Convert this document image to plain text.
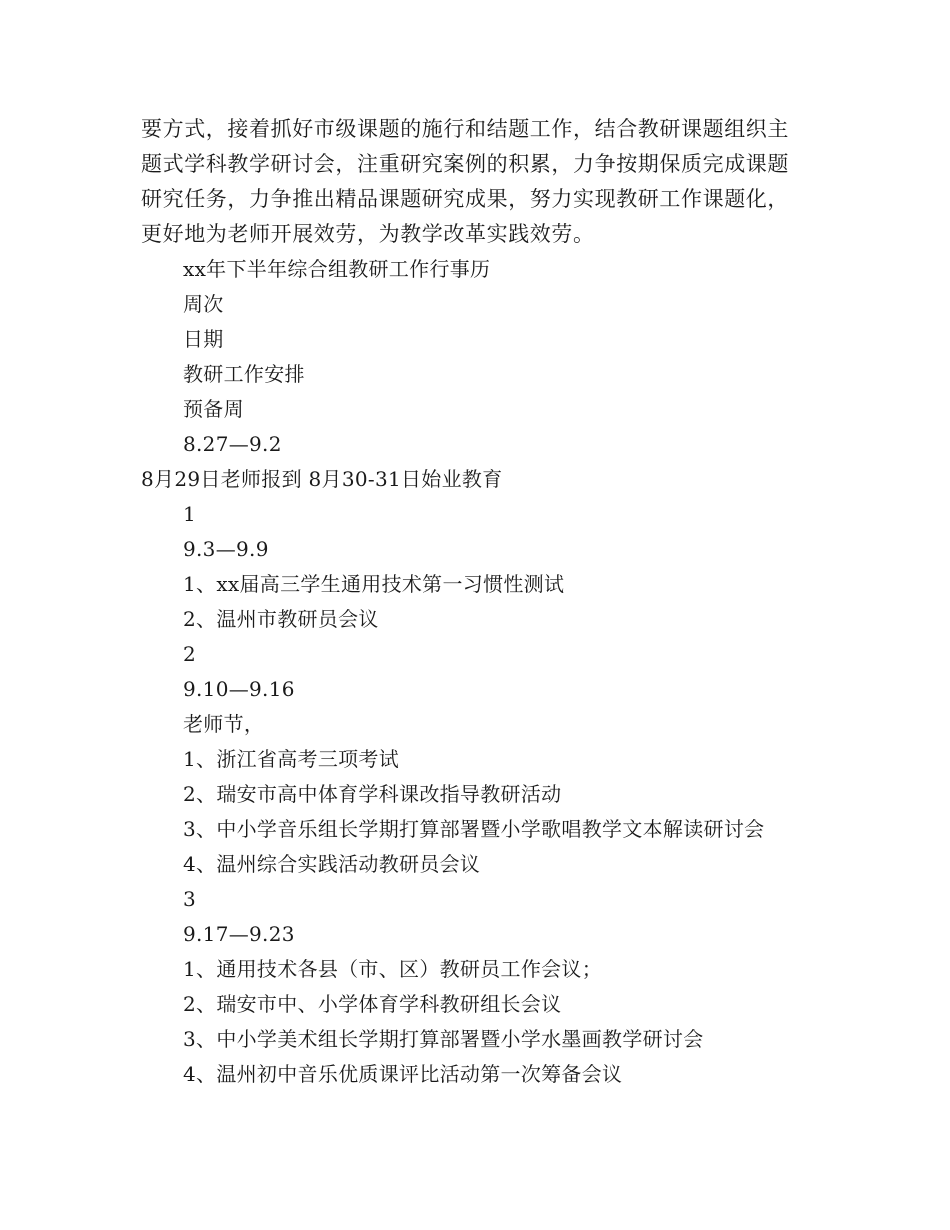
要方式，接着抓好市级课题的施行和结题工作，结合教研课题组织主
题式学科教学研讨会，注重研究案例的积累，力争按期保质完成课题
研究任务，力争推出精品课题研究成果，努力实现教研工作课题化，
更好地为老师开展效劳，为教学改革实践效劳。

xx年下半年综合组教研工作行事历
周次
日期
教研工作安排
预备周
8.27—9.2
8月29日老师报到 8月30-31日始业教育
1
9.3—9.9
1、xx届高三学生通用技术第一习惯性测试
2、温州市教研员会议
2
9.10—9.16
老师节，
1、浙江省高考三项考试
2、瑞安市高中体育学科课改指导教研活动
3、中小学音乐组长学期打算部署暨小学歌唱教学文本解读研讨会
4、温州综合实践活动教研员会议
3
9.17—9.23
1、通用技术各县（市、区）教研员工作会议；
2、瑞安市中、小学体育学科教研组长会议
3、中小学美术组长学期打算部署暨小学水墨画教学研讨会
4、温州初中音乐优质课评比活动第一次筹备会议
